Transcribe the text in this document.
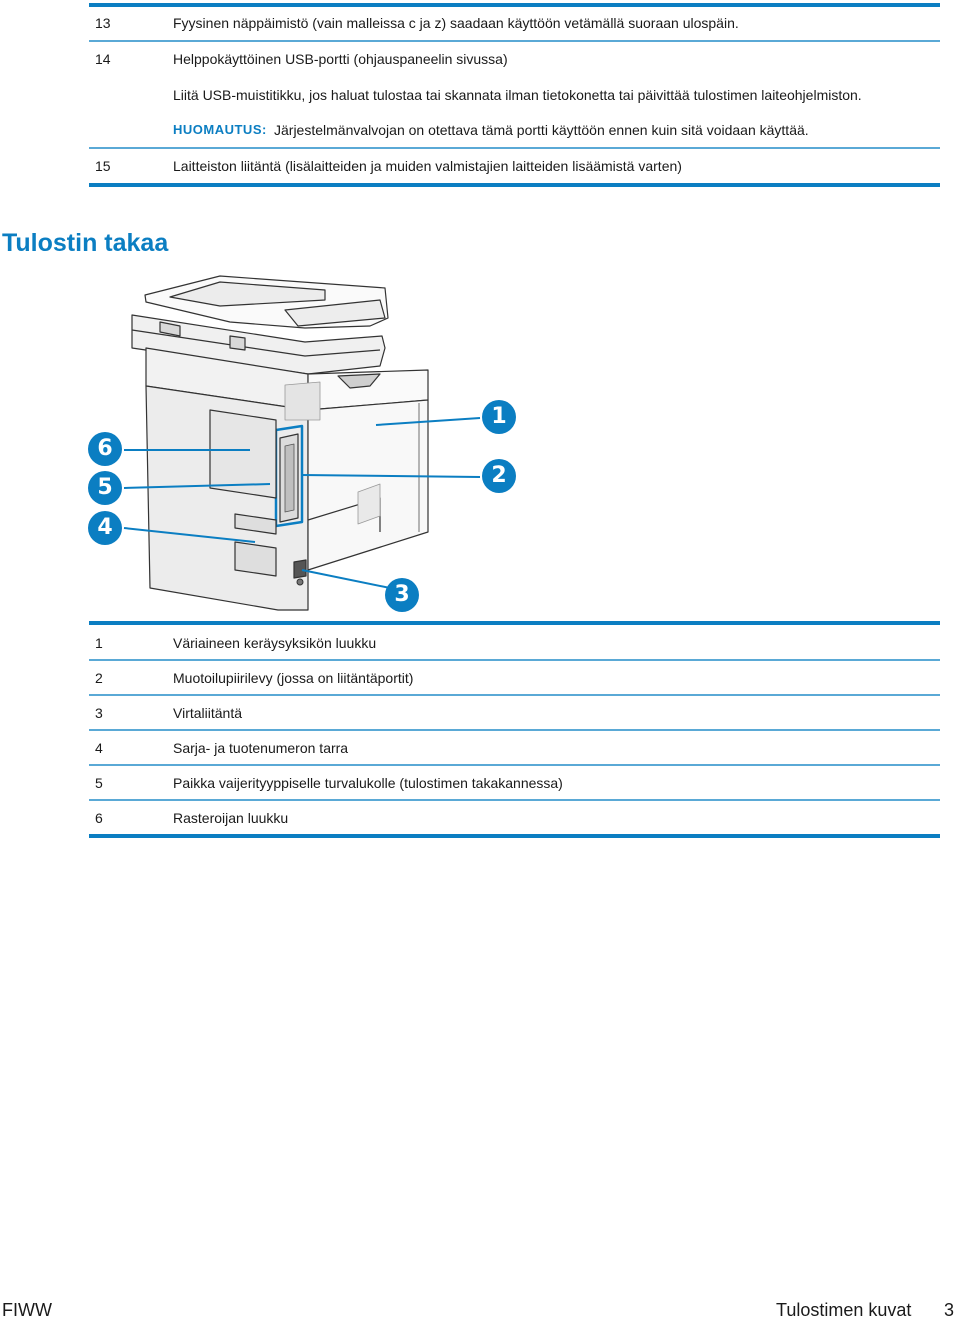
13	Fyysinen näppäimistö (vain malleissa c ja z) saadaan käyttöön vetämällä suoraan ulospäin.
14	Helppokäyttöinen USB-portti (ohjauspaneelin sivussa)
Liitä USB-muistitikku, jos haluat tulostaa tai skannata ilman tietokonetta tai päivittää tulostimen laiteohjelmiston.
HUOMAUTUS: Järjestelmänvalvojan on otettava tämä portti käyttöön ennen kuin sitä voidaan käyttää.
15	Laitteiston liitäntä (lisälaitteiden ja muiden valmistajien laitteiden lisäämistä varten)
Tulostin takaa
1
2
3
4
5
6
1	Väriaineen keräysyksikön luukku
2	Muotoilupiirilevy (jossa on liitäntäportit)
3	Virtaliitäntä
4	Sarja- ja tuotenumeron tarra
5	Paikka vaijerityyppiselle turvalukolle (tulostimen takakannessa)
6	Rasteroijan luukku
FIWW	Tulostimen kuvat 3
